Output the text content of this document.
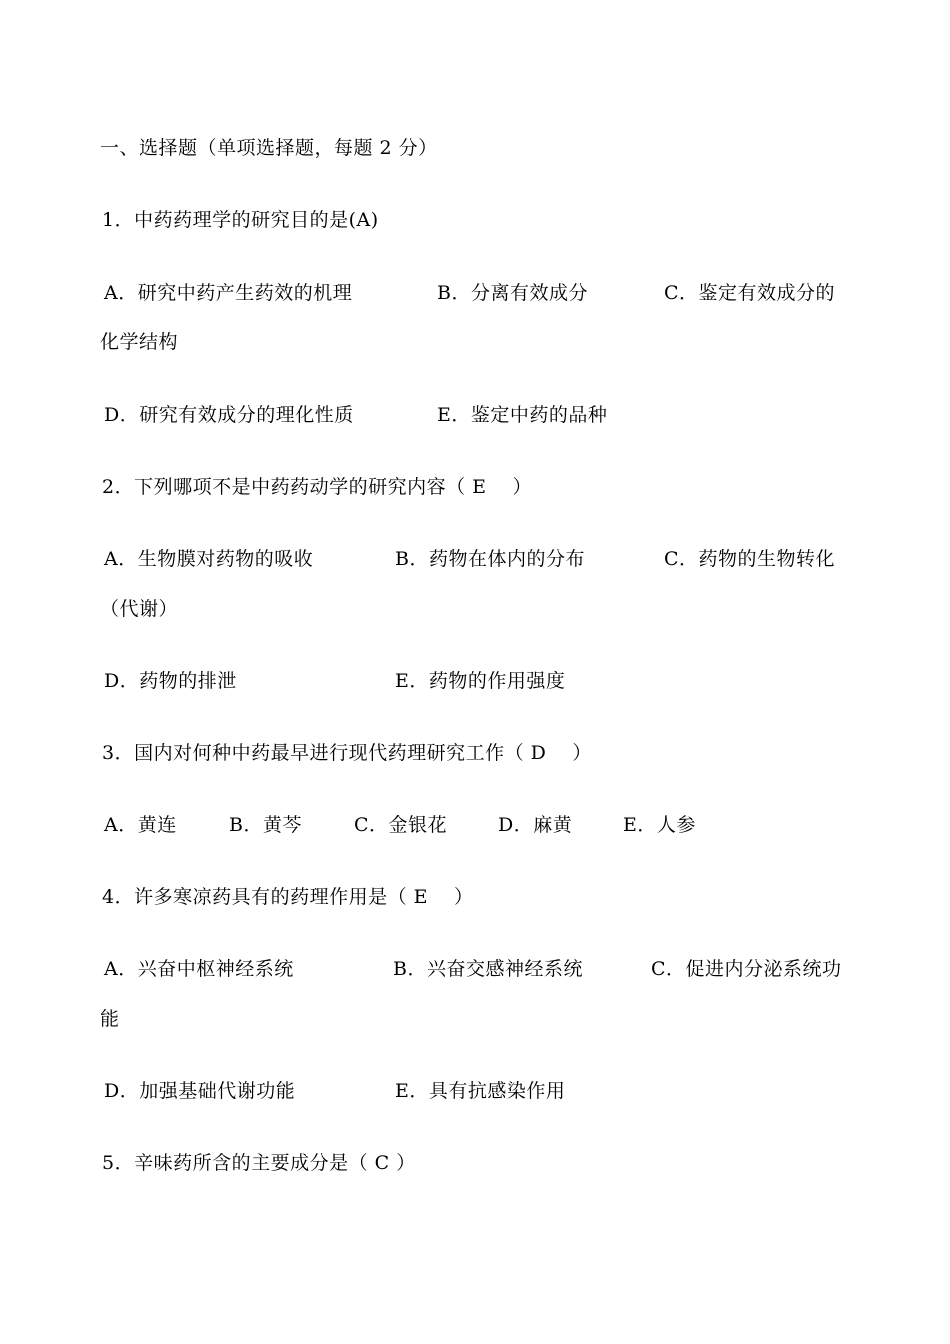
一、选择题（单项选择题，每题 2 分）
1．中药药理学的研究目的是(A)
A．研究中药产生药效的机理	B．分离有效成分	C．鉴定有效成分的
化学结构
D．研究有效成分的理化性质	E．鉴定中药的品种
2．下列哪项不是中药药动学的研究内容（ E　 ）
A．生物膜对药物的吸收	B．药物在体内的分布	C．药物的生物转化
（代谢）
D．药物的排泄	E．药物的作用强度
3．国内对何种中药最早进行现代药理研究工作（ D　 ）
A．黄连	B．黄芩	C．金银花	D．麻黄	E．人参
4．许多寒凉药具有的药理作用是（ E　 ）
A．兴奋中枢神经系统	B．兴奋交感神经系统	C．促进内分泌系统功
能
D．加强基础代谢功能	E．具有抗感染作用
5．辛味药所含的主要成分是（ C ）
